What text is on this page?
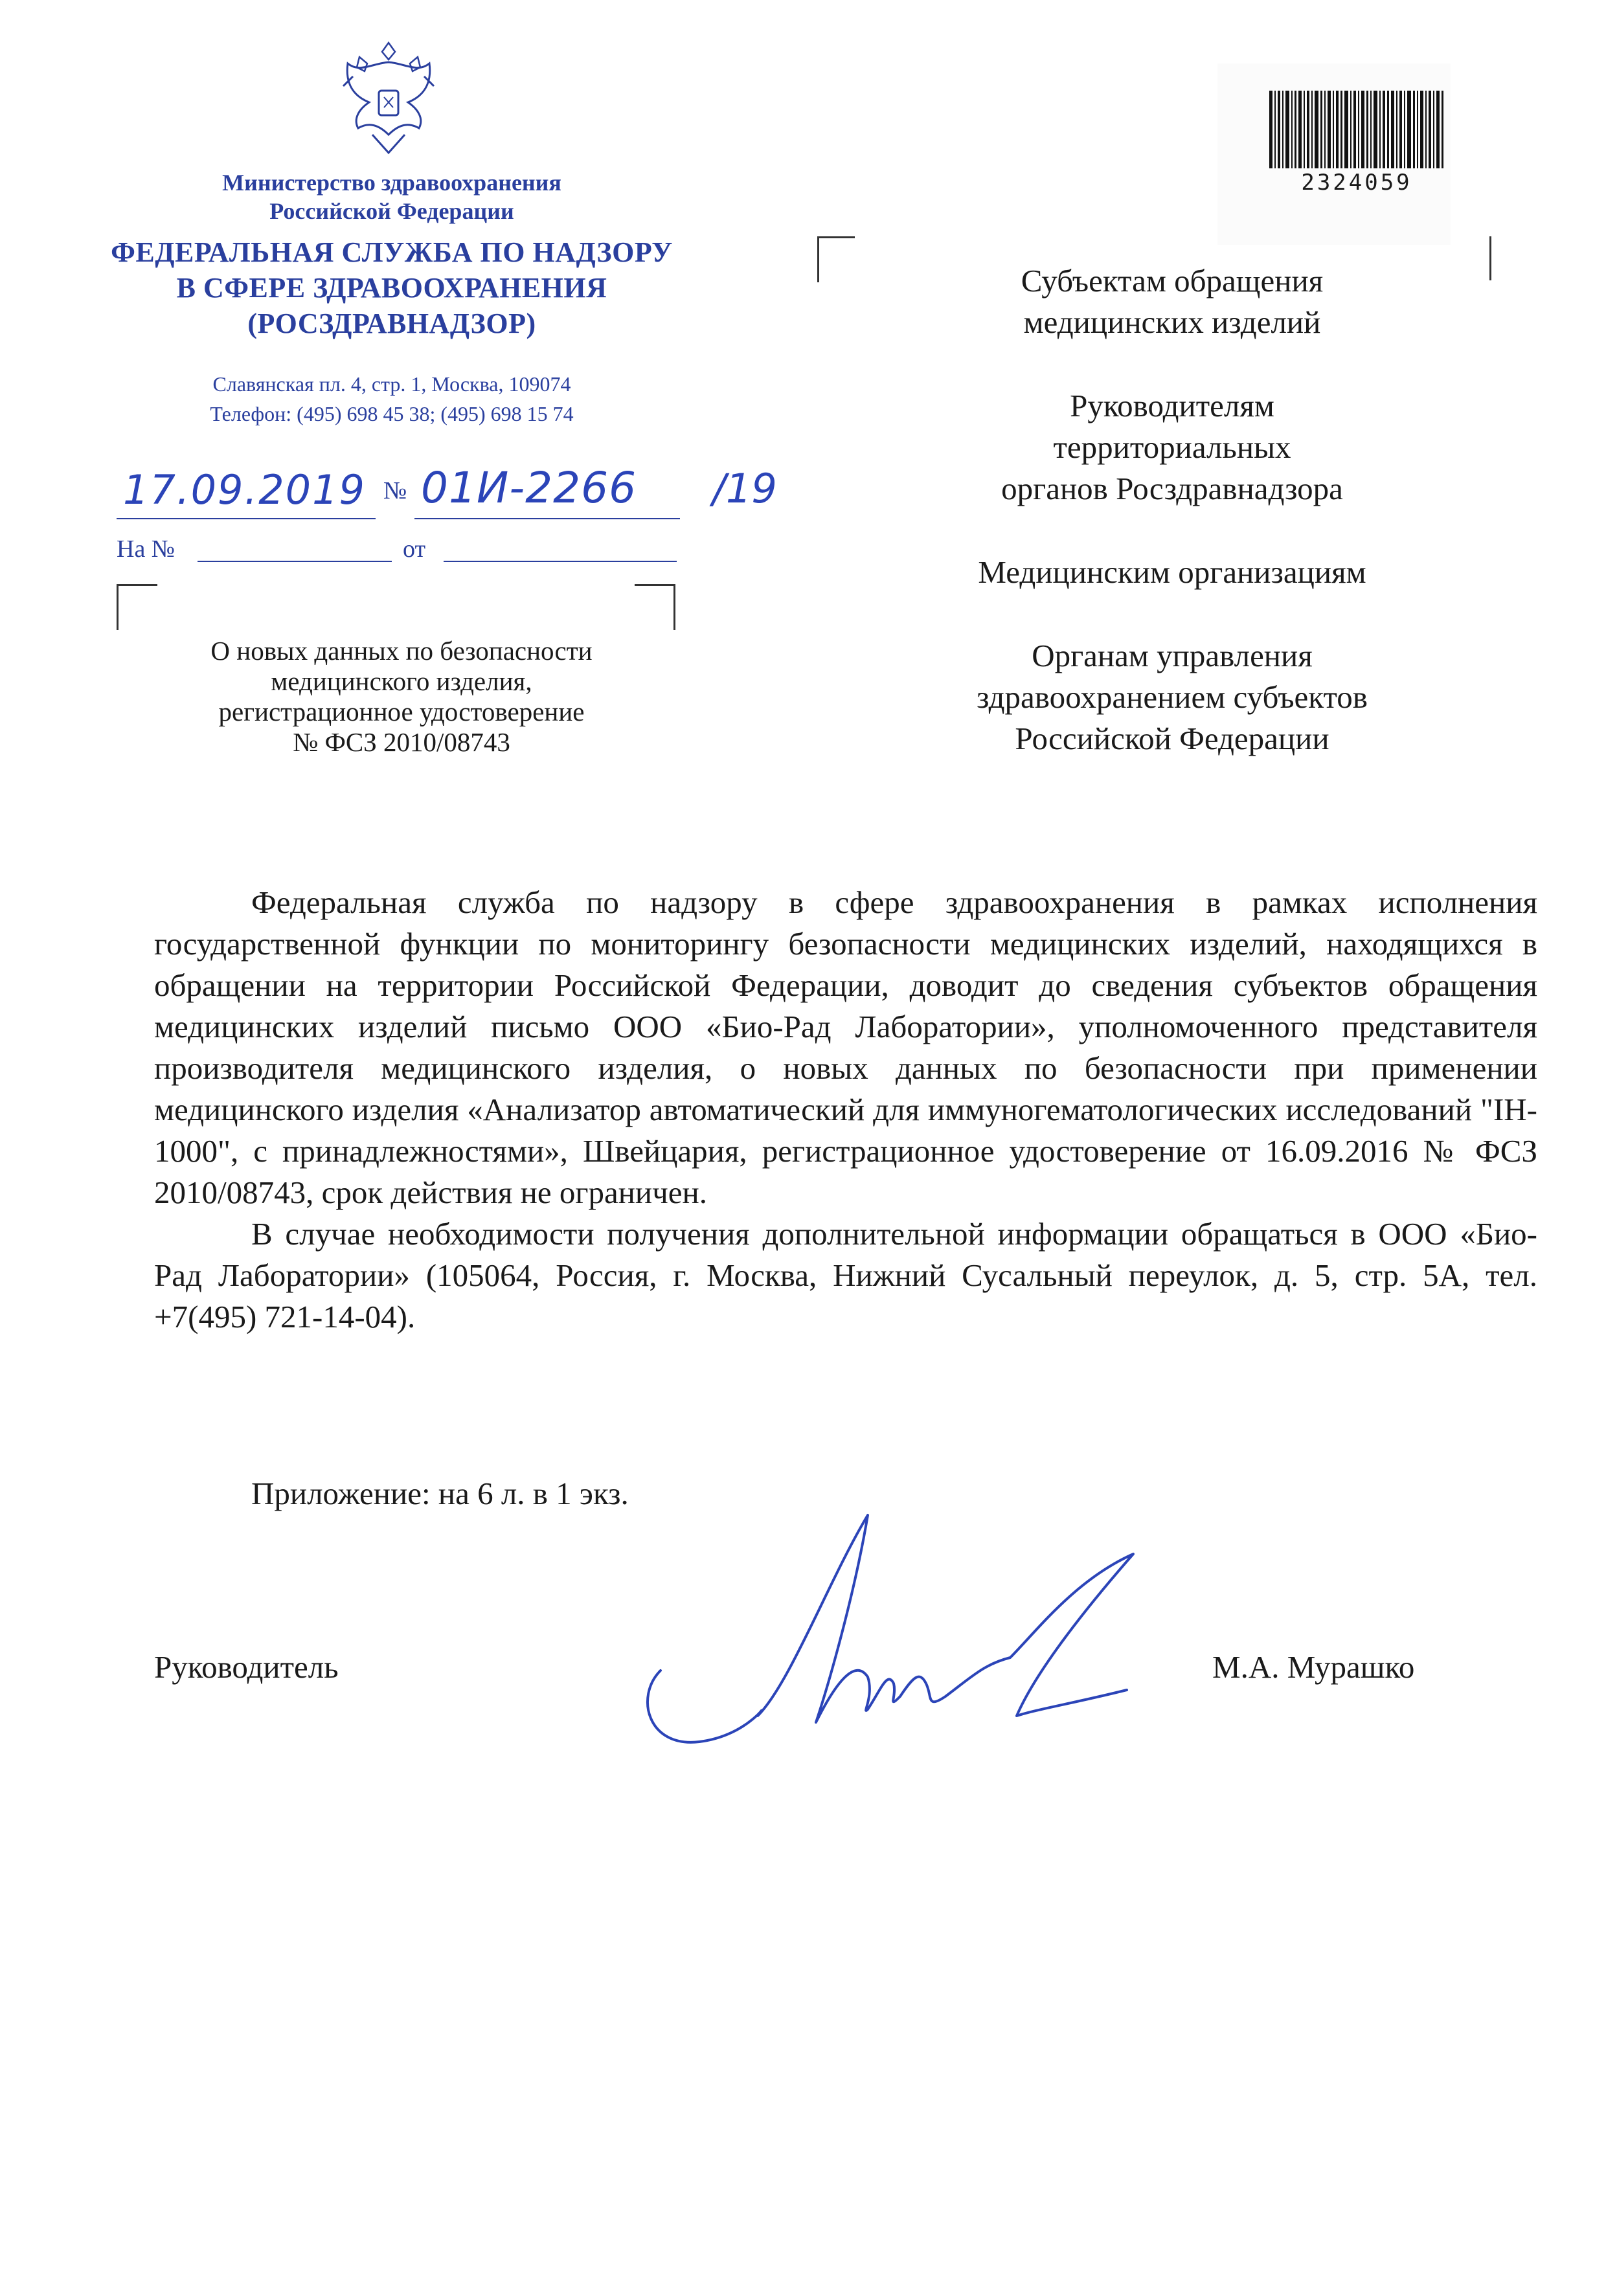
Министерство здравоохранения
Российской Федерации
ФЕДЕРАЛЬНАЯ СЛУЖБА ПО НАДЗОРУ
В СФЕРЕ ЗДРАВООХРАНЕНИЯ
(РОСЗДРАВНАДЗОР)
Славянская пл. 4, стр. 1, Москва, 109074
Телефон: (495) 698 45 38; (495) 698 15 74
17.09.2019 № 01И-2266 /19
На №	от
О новых данных по безопасности
медицинского изделия,
регистрационное удостоверение
№ ФСЗ 2010/08743
2324059

Субъектам обращения
медицинских изделий

Руководителям
территориальных
органов Росздравнадзора

Медицинским организациям

Органам управления
здравоохранением субъектов
Российской Федерации

Федеральная служба по надзору в сфере здравоохранения в рамках исполнения государственной функции по мониторингу безопасности медицинских изделий, находящихся в обращении на территории Российской Федерации, доводит до сведения субъектов обращения медицинских изделий письмо ООО «Био-Рад Лаборатории», уполномоченного представителя производителя медицинского изделия, о новых данных по безопасности при применении медицинского изделия «Анализатор автоматический для иммуногематологических исследований "IH-1000", с принадлежностями», Швейцария, регистрационное удостоверение от 16.09.2016 № ФСЗ 2010/08743, срок действия не ограничен.

В случае необходимости получения дополнительной информации обращаться в ООО «Био-Рад Лаборатории» (105064, Россия, г. Москва, Нижний Сусальный переулок, д. 5, стр. 5А, тел. +7(495) 721-14-04).

Приложение: на 6 л. в 1 экз.
Руководитель	М.А. Мурашко
